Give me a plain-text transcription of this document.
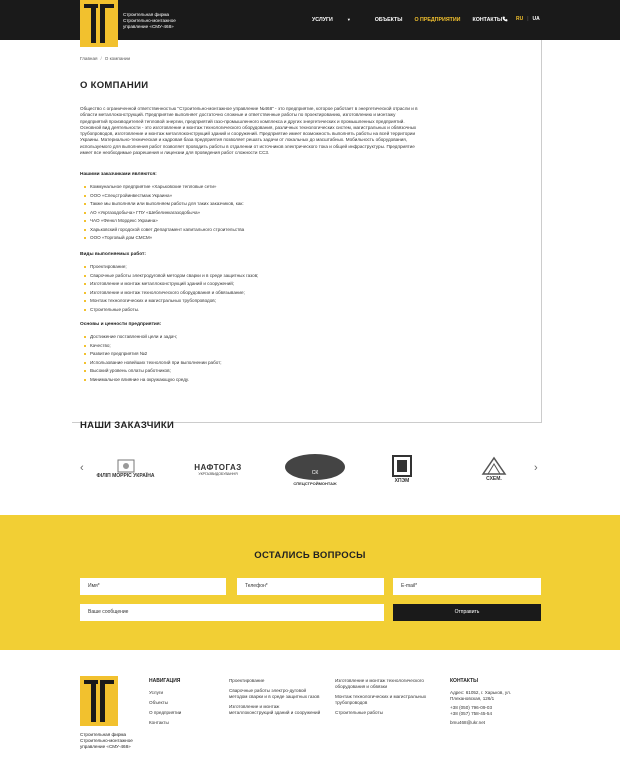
Строительная фирма
Строительно-монтажное
управление «СМУ-468»
УСЛУГИ	▼	ОБЪЕКТЫ О ПРЕДПРИЯТИИ КОНТАКТЫ	RU | UA
Главная / О компании
О КОМПАНИИ
Общество с ограниченной ответственностью "Строительно-монтажное управление №468" - это предприятие, которое работает в энергетической отрасли и в области металлоконструкций. Предприятие выполняет достаточно сложные и ответственные работы по проектированию, изготовлению и монтажу предприятий производителей тепловой энергии, предприятий газо-промышленного комплекса и других энергетических и промышленных предприятий. Основной вид деятельности - это изготовление и монтаж технологического оборудования, различных технологических систем, магистральных и обвязочных трубопроводов, изготовление и монтаж металлоконструкций зданий и сооружений. Предприятие имеет возможность выполнять работы на всей территории Украины. Материально-техническая и кадровая база предприятия позволяет решать задачи от локальных до масштабных. Мобильность оборудования, используемого для выполнения работ позволяет проводить работы в отдалении от источников электрического тока и общей инфраструктуры. Предприятие имеет все необходимые разрешения и лицензии для проведения работ сложности СС3.
Нашими заказчиками являются:
Коммунальное предприятие «Харьковские тепловые сети»
ООО «Спецстройинвестмаж Украина»
Также мы выполняли или выполняем работы для таких заказчиков, как:
АО «Укргазодобыча» ГПУ «Шебелинкагазодобыча»
ЧАО «Фенкл Мордекс Украина»
Харьковский городской совет Департамент капитального строительства
ООО «Торговый дом СМСМ»
Виды выполняемых работ:
Проектирование;
Сварочные работы электродуговой методом сварки и в среде защитных газов;
Изготовление и монтаж металлоконструкций зданий и сооружений;
Изготовление и монтаж технологического оборудования и обвязывание;
Монтаж технологических и магистральных трубопроводов;
Строительные работы.
Основы и ценности предприятия:
Достижение поставленной цели и задач;
Качество;
Развитие предприятия №2
Использование новейших технологий при выполнении работ;
Высокий уровень оплаты работников;
Минимальное влияние на окружающую среду.
НАШИ ЗАКАЗЧИКИ
‹	›
ФІЛІП МОРРІС УКРАЇНА
НАФТОГАЗ
УКРГАЗВИДОБУВАННЯ	СК
СПЕЦСТРОЙМОНТАЖ	ХПЭМ	СХЕМ.
ОСТАЛИСЬ ВОПРОСЫ
Имя*	Телефон*	E-mail*
Ваше сообщение	Отправить
Строительная фирма
Строительно-монтажное
управление «СМУ-468»
НАВИГАЦИЯ
Услуги
Объекты
О предприятии
Контакты
Проектирование
Сварочные работы электро-дуговой методом сварки и в среде защитных газов
Изготовление и монтаж металлоконструкций зданий и сооружений
Изготовление и монтаж технологического оборудования и обвязки
Монтаж технологических и магистральных трубопроводов
Строительные работы
КОНТАКТЫ
Адрес: 61052, г. Харьков, ул. Плехановская, 126/1
+38 (050) 796-09-03
+38 (057) 758-45-54
bmu468@ukr.net
